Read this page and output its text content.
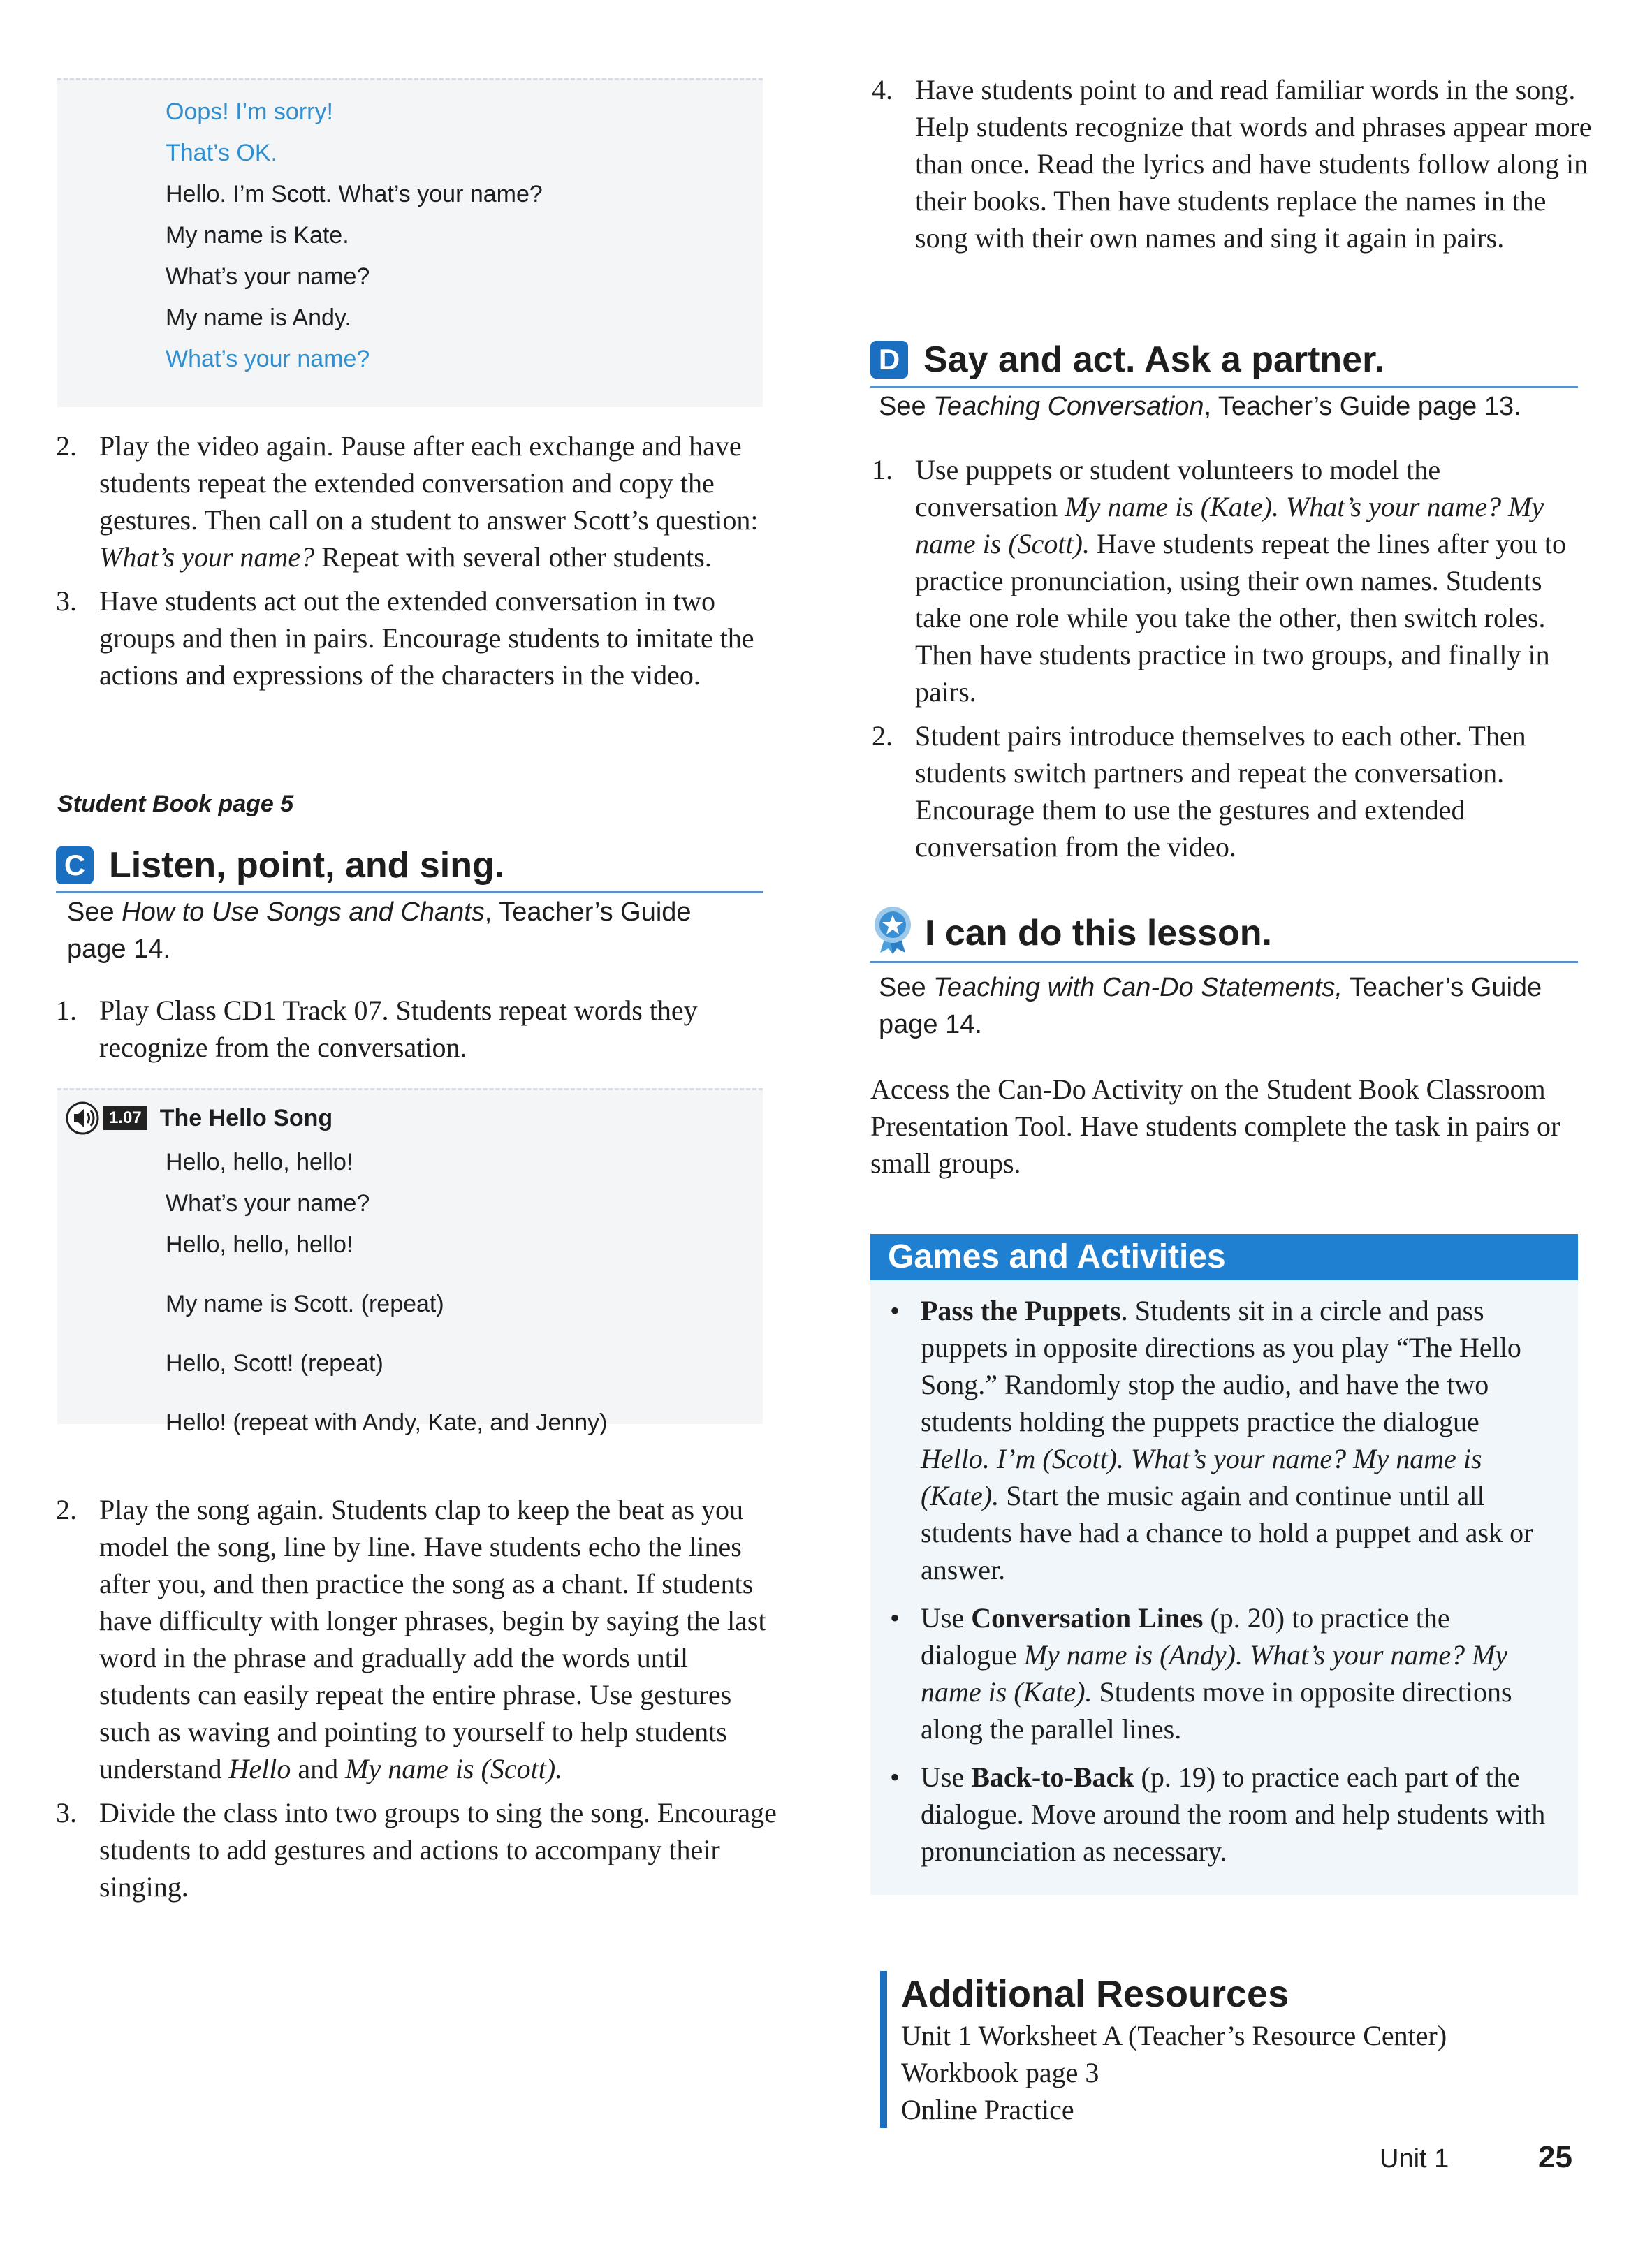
Oops! I’m sorry!
That’s OK.
Hello. I’m Scott. What’s your name?
My name is Kate.
What’s your name?
My name is Andy.
What’s your name?
2. Play the video again. Pause after each exchange and have students repeat the extended conversation and copy the gestures. Then call on a student to answer Scott’s question: What’s your name? Repeat with several other students.
3. Have students act out the extended conversation in two groups and then in pairs. Encourage students to imitate the actions and expressions of the characters in the video.
Student Book page 5
C Listen, point, and sing.
See How to Use Songs and Chants, Teacher’s Guide page 14.
1. Play Class CD1 Track 07. Students repeat words they recognize from the conversation.
1.07 The Hello Song
Hello, hello, hello!
What’s your name?
Hello, hello, hello!
My name is Scott. (repeat)
Hello, Scott! (repeat)
Hello! (repeat with Andy, Kate, and Jenny)
2. Play the song again. Students clap to keep the beat as you model the song, line by line. Have students echo the lines after you, and then practice the song as a chant. If students have difficulty with longer phrases, begin by saying the last word in the phrase and gradually add the words until students can easily repeat the entire phrase. Use gestures such as waving and pointing to yourself to help students understand Hello and My name is (Scott).
3. Divide the class into two groups to sing the song. Encourage students to add gestures and actions to accompany their singing.
4. Have students point to and read familiar words in the song. Help students recognize that words and phrases appear more than once. Read the lyrics and have students follow along in their books. Then have students replace the names in the song with their own names and sing it again in pairs.
D Say and act. Ask a partner.
See Teaching Conversation, Teacher’s Guide page 13.
1. Use puppets or student volunteers to model the conversation My name is (Kate). What’s your name? My name is (Scott). Have students repeat the lines after you to practice pronunciation, using their own names. Students take one role while you take the other, then switch roles. Then have students practice in two groups, and finally in pairs.
2. Student pairs introduce themselves to each other. Then students switch partners and repeat the conversation. Encourage them to use the gestures and extended conversation from the video.
I can do this lesson.
See Teaching with Can-Do Statements, Teacher’s Guide page 14.
Access the Can-Do Activity on the Student Book Classroom Presentation Tool. Have students complete the task in pairs or small groups.
Games and Activities
• Pass the Puppets. Students sit in a circle and pass puppets in opposite directions as you play “The Hello Song.” Randomly stop the audio, and have the two students holding the puppets practice the dialogue Hello. I’m (Scott). What’s your name? My name is (Kate). Start the music again and continue until all students have had a chance to hold a puppet and ask or answer.
• Use Conversation Lines (p. 20) to practice the dialogue My name is (Andy). What’s your name? My name is (Kate). Students move in opposite directions along the parallel lines.
• Use Back-to-Back (p. 19) to practice each part of the dialogue. Move around the room and help students with pronunciation as necessary.
Additional Resources
Unit 1 Worksheet A (Teacher’s Resource Center)
Workbook page 3
Online Practice
Unit 1	25
